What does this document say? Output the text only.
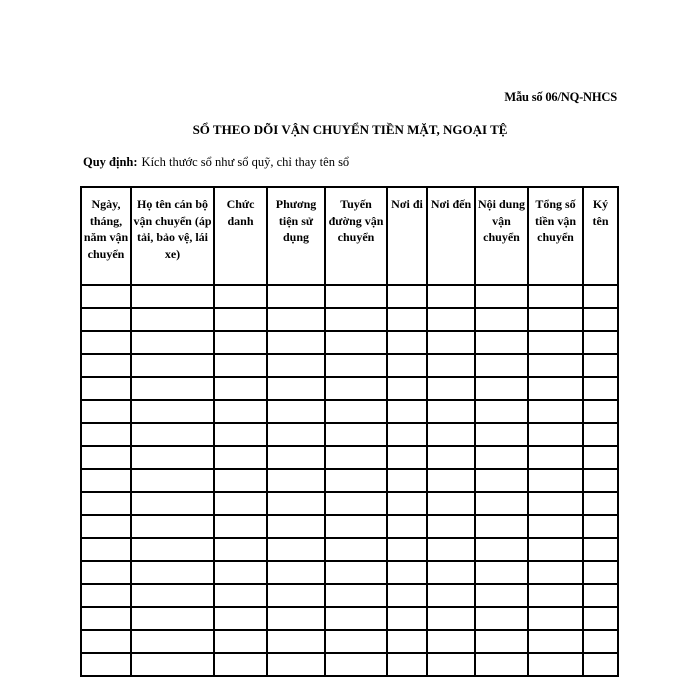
Mẫu số 06/NQ-NHCS
SỔ THEO DÕI VẬN CHUYỂN TIỀN MẶT, NGOẠI TỆ
Quy định: Kích thước sổ như sổ quỹ, chỉ thay tên sổ
Ngày, tháng, năm vận chuyển	Họ tên cán bộ vận chuyển (áp tải, bảo vệ, lái xe)	Chức danh	Phương tiện sử dụng	Tuyến đường vận chuyển	Nơi đi	Nơi đến	Nội dung vận chuyển	Tổng số tiền vận chuyển	Ký tên
